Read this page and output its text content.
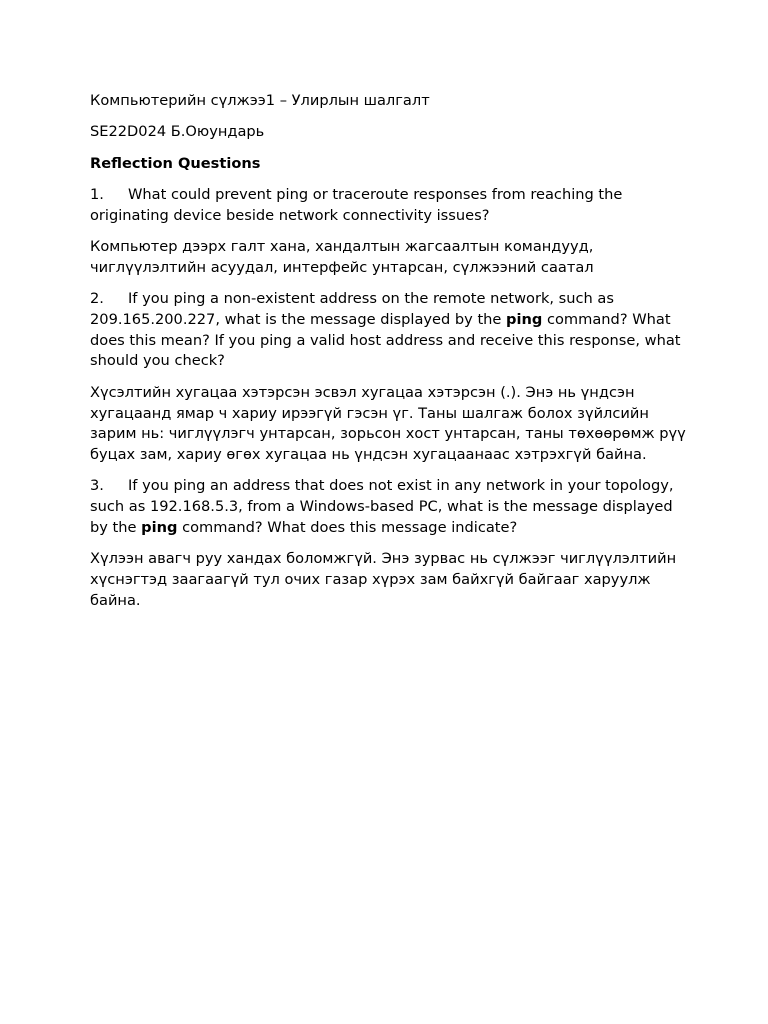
Компьютерийн сүлжээ1 – Улирлын шалгалт

SE22D024 Б.Оюундарь

Reflection Questions

1. What could prevent ping or traceroute responses from reaching the originating device beside network connectivity issues?

Компьютер дээрх галт хана, хандалтын жагсаалтын командууд, чиглүүлэлтийн асуудал, интерфейс унтарсан, сүлжээний саатал

2. If you ping a non-existent address on the remote network, such as 209.165.200.227, what is the message displayed by the ping command? What does this mean? If you ping a valid host address and receive this response, what should you check?

Хүсэлтийн хугацаа хэтэрсэн эсвэл хугацаа хэтэрсэн (.). Энэ нь үндсэн хугацаанд ямар ч хариу ирээгүй гэсэн үг. Таны шалгаж болох зүйлсийн зарим нь: чиглүүлэгч унтарсан, зорьсон хост унтарсан, таны төхөөрөмж рүү буцах зам, хариу өгөх хугацаа нь үндсэн хугацаанаас хэтрэхгүй байна.

3. If you ping an address that does not exist in any network in your topology, such as 192.168.5.3, from a Windows-based PC, what is the message displayed by the ping command? What does this message indicate?

Хүлээн авагч руу хандах боломжгүй. Энэ зурвас нь сүлжээг чиглүүлэлтийн хүснэгтэд заагаагүй тул очих газар хүрэх зам байхгүй байгааг харуулж байна.
